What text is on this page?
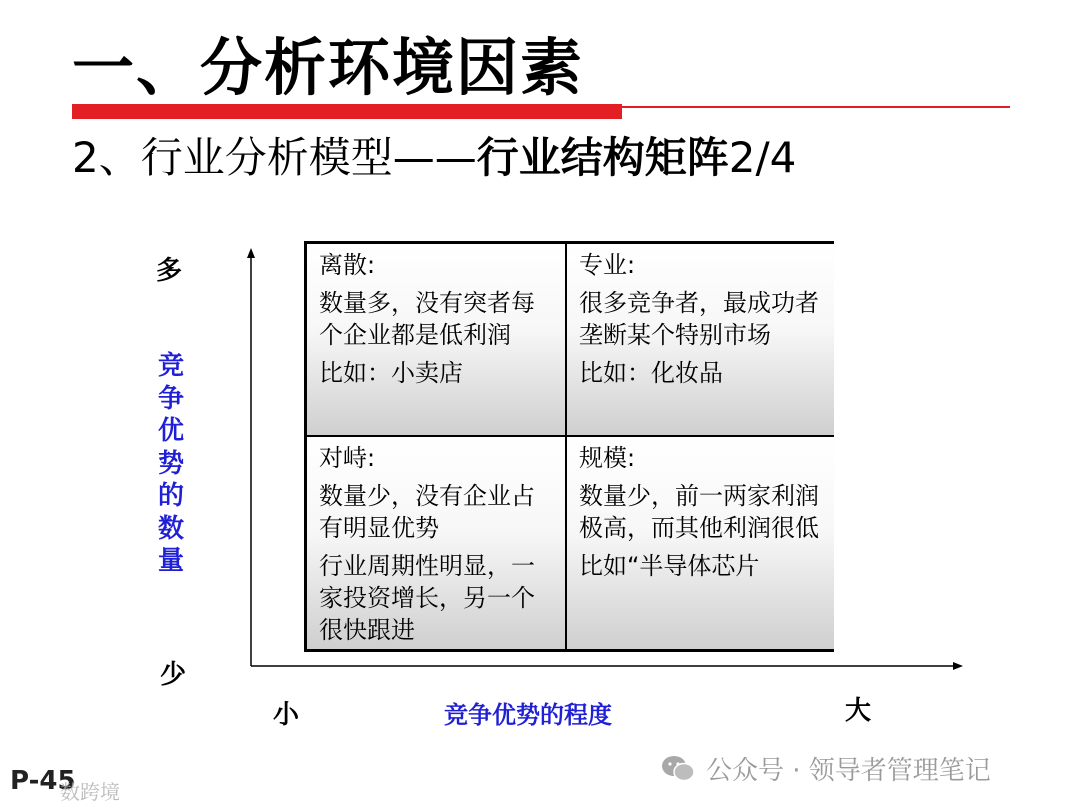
一、分析环境因素
2、行业分析模型——行业结构矩阵2/4
多
少
竞争优势的数量
小	大
竞争优势的程度
离散:
数量多，没有突者每个企业都是低利润
比如：小卖店
专业:
很多竞争者，最成功者垄断某个特别市场
比如：化妆品
对峙:
数量少，没有企业占有明显优势
行业周期性明显，一家投资增长，另一个很快跟进
规模:
数量少，前一两家利润极高，而其他利润很低
比如“半导体芯片
P-45
数跨境
公众号 · 领导者管理笔记
